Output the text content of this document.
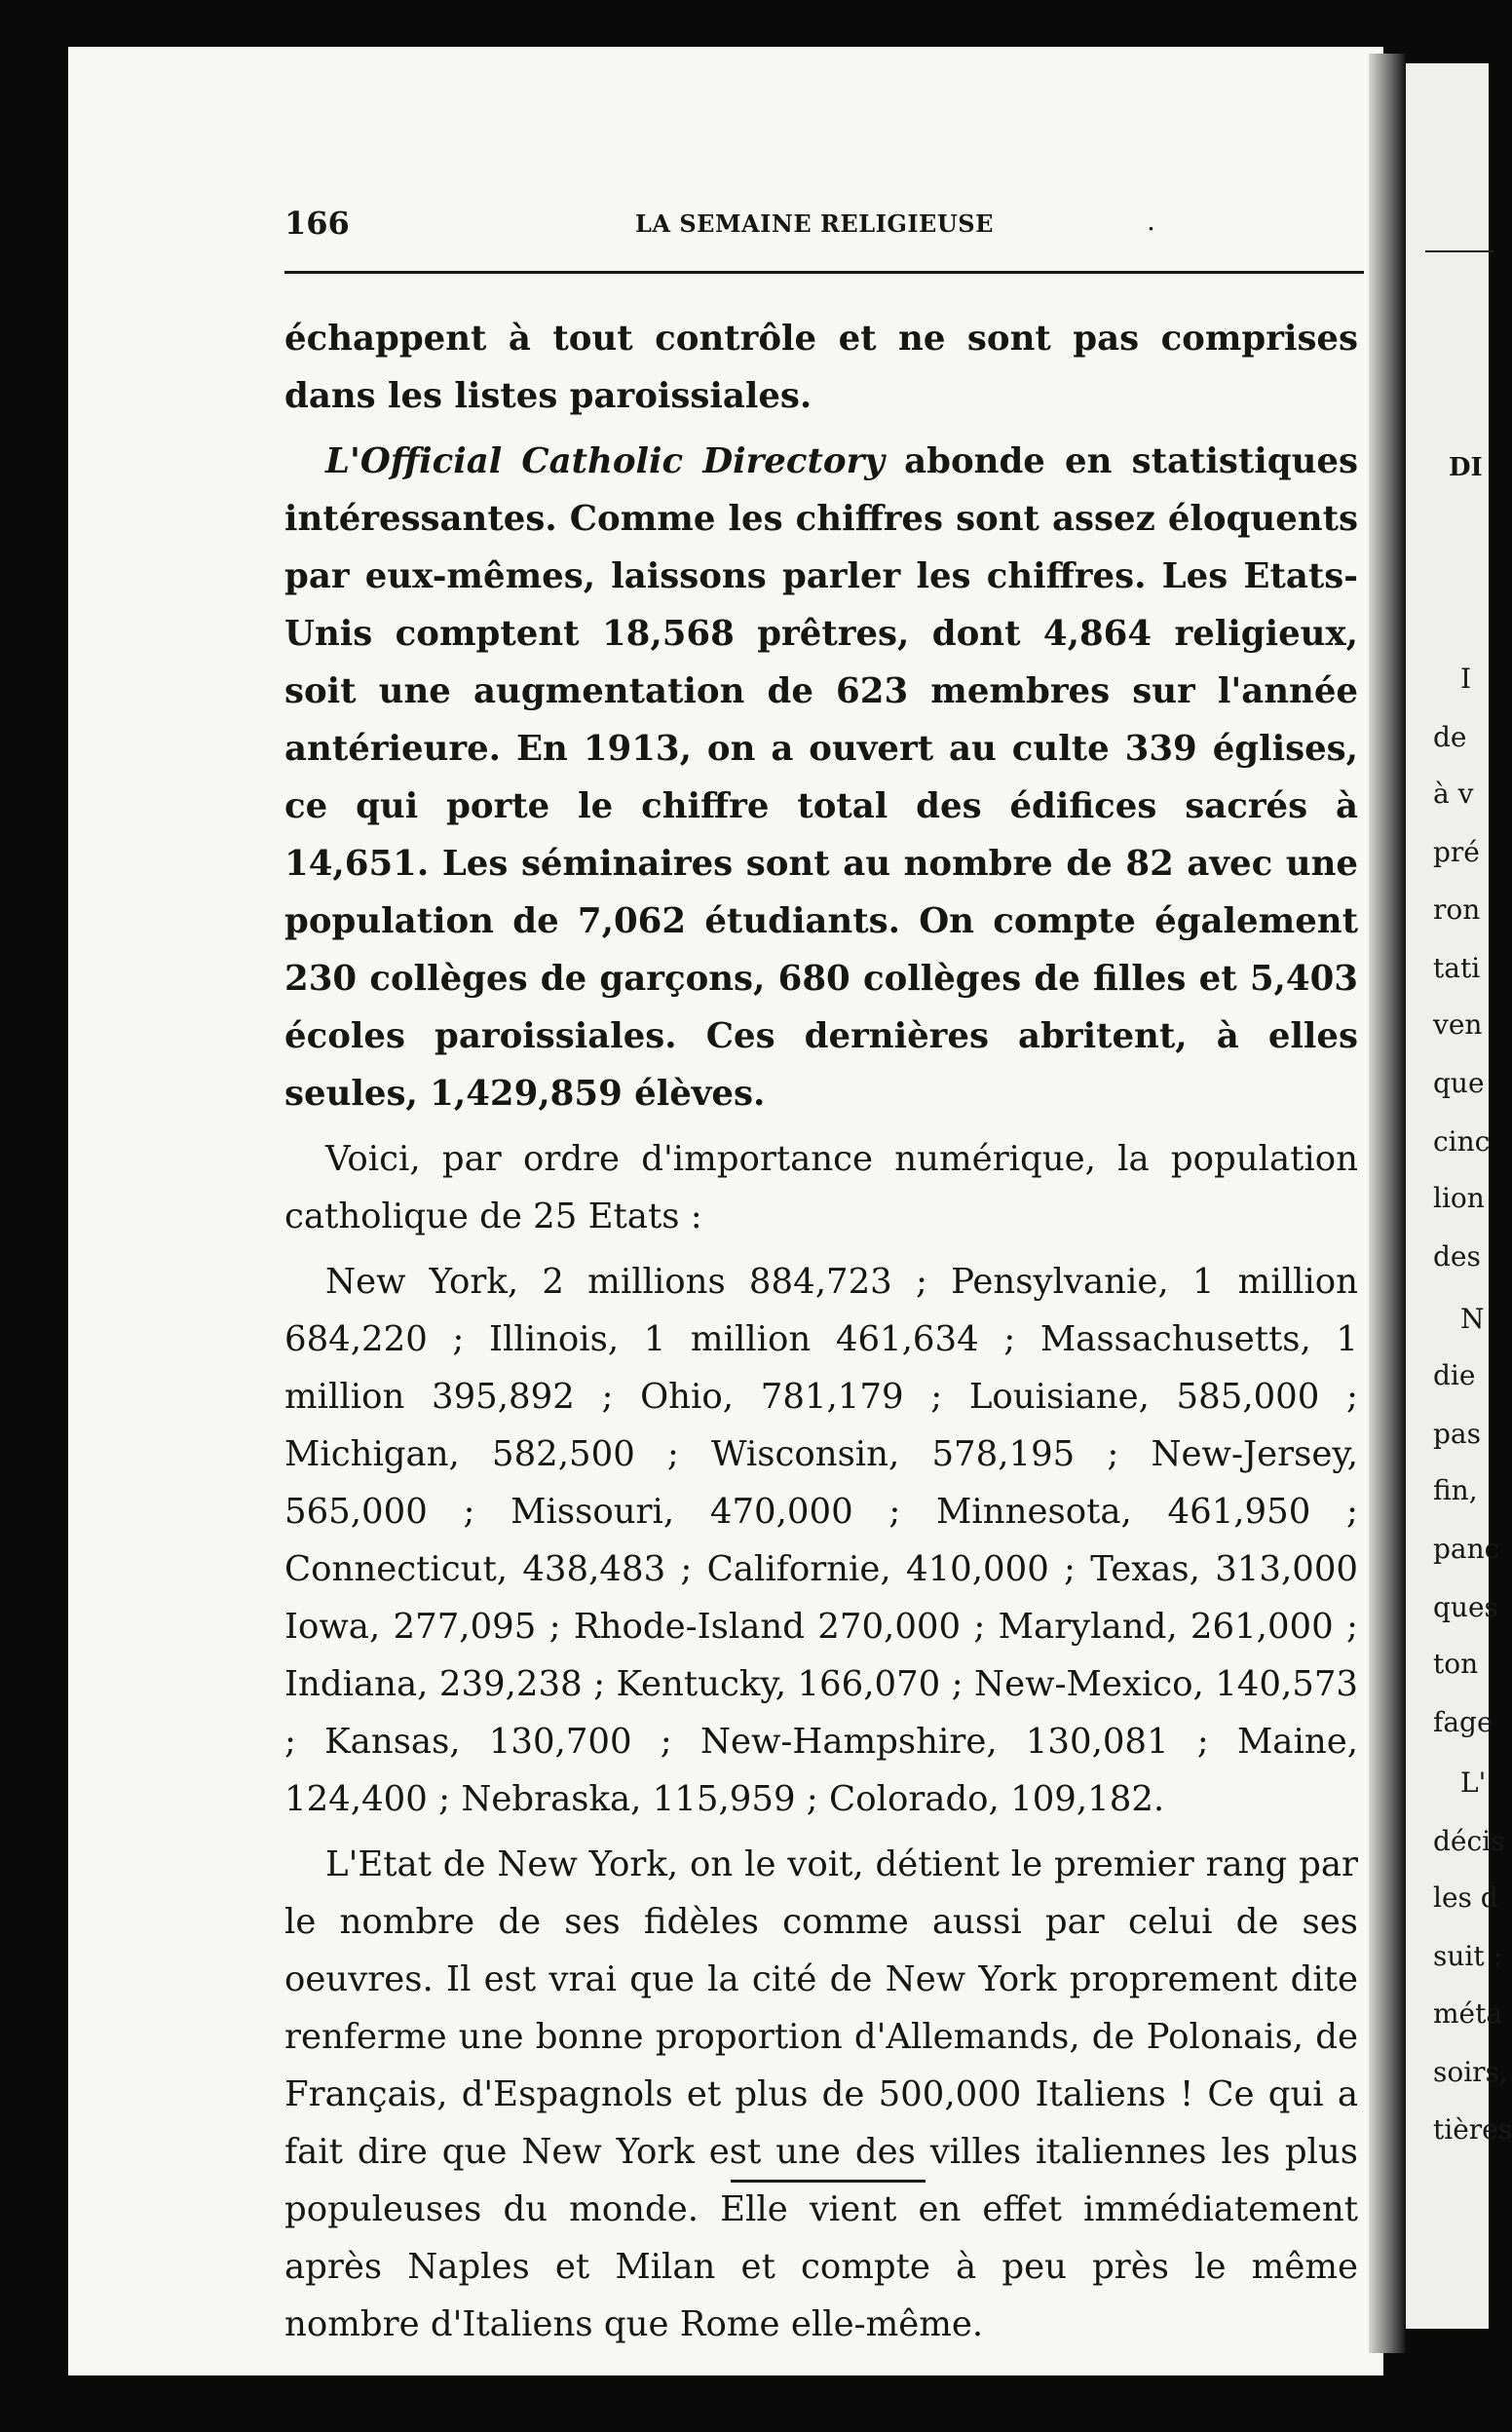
DI
I
de
à v
pré
ron
tati
ven
que
cinc
lion
des
N
die
pas
fin,
panc
ques
ton
fage
L'
décis
les d
suit :
méta
soirs,
tières
166	LA SEMAINE RELIGIEUSE	.

échappent à tout contrôle et ne sont pas comprises dans les listes paroissiales.

L'Official Catholic Directory abonde en statistiques intéressantes. Comme les chiffres sont assez éloquents par eux-mêmes, laissons parler les chiffres. Les Etats-Unis comptent 18,568 prêtres, dont 4,864 religieux, soit une augmentation de 623 membres sur l'année antérieure. En 1913, on a ouvert au culte 339 églises, ce qui porte le chiffre total des édifices sacrés à 14,651. Les séminaires sont au nombre de 82 avec une population de 7,062 étudiants. On compte également 230 collèges de garçons, 680 collèges de filles et 5,403 écoles paroissiales. Ces dernières abritent, à elles seules, 1,429,859 élèves.

Voici, par ordre d'importance numérique, la population catholique de 25 Etats :

New York, 2 millions 884,723 ; Pensylvanie, 1 million 684,220 ; Illinois, 1 million 461,634 ; Massachusetts, 1 million 395,892 ; Ohio, 781,179 ; Louisiane, 585,000 ; Michigan, 582,500 ; Wisconsin, 578,195 ; New-Jersey, 565,000 ; Missouri, 470,000 ; Minnesota, 461,950 ; Connecticut, 438,483 ; Californie, 410,000 ; Texas, 313,000 Iowa, 277,095 ; Rhode-Island 270,000 ; Maryland, 261,000 ; Indiana, 239,238 ; Kentucky, 166,070 ; New-Mexico, 140,573 ; Kansas, 130,700 ; New-Hampshire, 130,081 ; Maine, 124,400 ; Nebraska, 115,959 ; Colorado, 109,182.

L'Etat de New York, on le voit, détient le premier rang par le nombre de ses fidèles comme aussi par celui de ses oeuvres. Il est vrai que la cité de New York proprement dite renferme une bonne proportion d'Allemands, de Polonais, de Français, d'Espagnols et plus de 500,000 Italiens ! Ce qui a fait dire que New York est une des villes italiennes les plus populeuses du monde. Elle vient en effet immédiatement après Naples et Milan et compte à peu près le même nombre d'Italiens que Rome elle-même.
